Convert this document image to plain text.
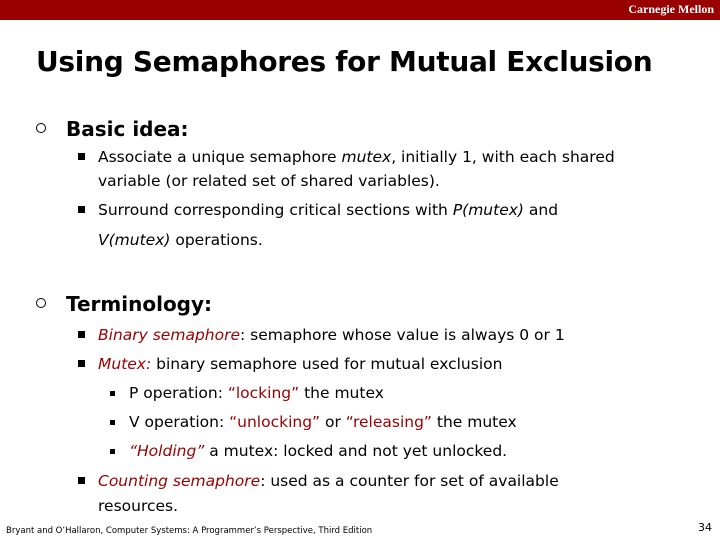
Carnegie Mellon
Using Semaphores for Mutual Exclusion
Basic idea:
Associate a unique semaphore mutex, initially 1, with each shared
variable (or related set of shared variables).
Surround corresponding critical sections with P(mutex) and
V(mutex) operations.
Terminology:
Binary semaphore: semaphore whose value is always 0 or 1
Mutex: binary semaphore used for mutual exclusion
P operation: “locking” the mutex
V operation: “unlocking” or “releasing” the mutex
“Holding” a mutex: locked and not yet unlocked.
Counting semaphore: used as a counter for set of available
resources.
Bryant and O’Hallaron, Computer Systems: A Programmer’s Perspective, Third Edition	34
